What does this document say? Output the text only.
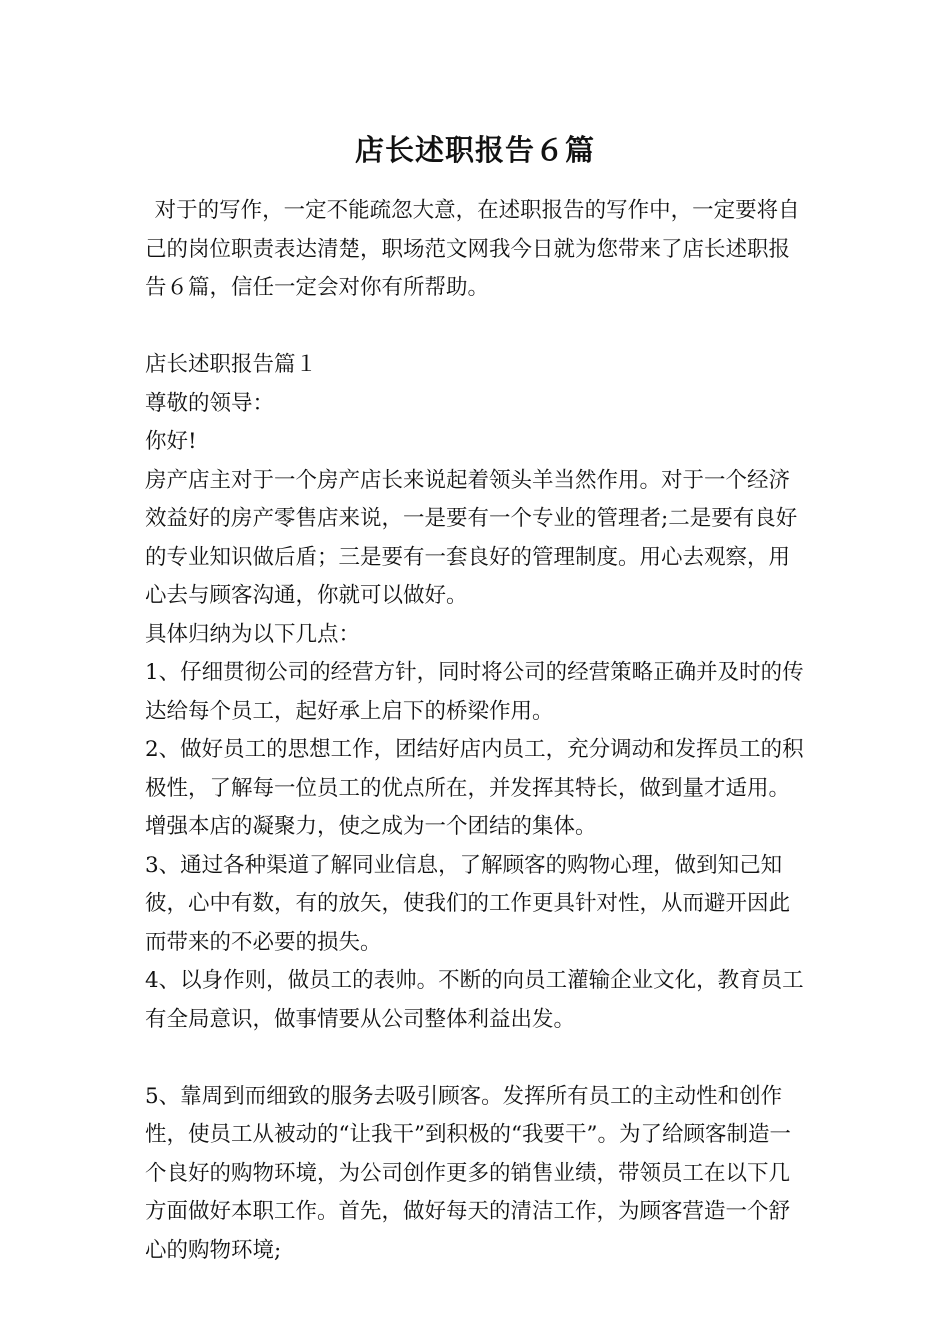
店长述职报告６篇

对于的写作，一定不能疏忽大意，在述职报告的写作中，一定要将自己的岗位职责表达清楚，职场范文网我今日就为您带来了店长述职报告６篇，信任一定会对你有所帮助。

店长述职报告篇１

尊敬的领导：

你好!

房产店主对于一个房产店长来说起着领头羊当然作用。对于一个经济效益好的房产零售店来说，一是要有一个专业的管理者;二是要有良好的专业知识做后盾；三是要有一套良好的管理制度。用心去观察，用心去与顾客沟通，你就可以做好。

具体归纳为以下几点：

1、仔细贯彻公司的经营方针，同时将公司的经营策略正确并及时的传达给每个员工，起好承上启下的桥梁作用。

2、做好员工的思想工作，团结好店内员工，充分调动和发挥员工的积极性，了解每一位员工的优点所在，并发挥其特长，做到量才适用。增强本店的凝聚力，使之成为一个团结的集体。

3、通过各种渠道了解同业信息，了解顾客的购物心理，做到知己知彼，心中有数，有的放矢，使我们的工作更具针对性，从而避开因此而带来的不必要的损失。

4、以身作则，做员工的表帅。不断的向员工灌输企业文化，教育员工有全局意识，做事情要从公司整体利益出发。

5、靠周到而细致的服务去吸引顾客。发挥所有员工的主动性和创作性，使员工从被动的“让我干”到积极的“我要干”。为了给顾客制造一个良好的购物环境，为公司创作更多的销售业绩，带领员工在以下几方面做好本职工作。首先，做好每天的清洁工作，为顾客营造一个舒心的购物环境;
